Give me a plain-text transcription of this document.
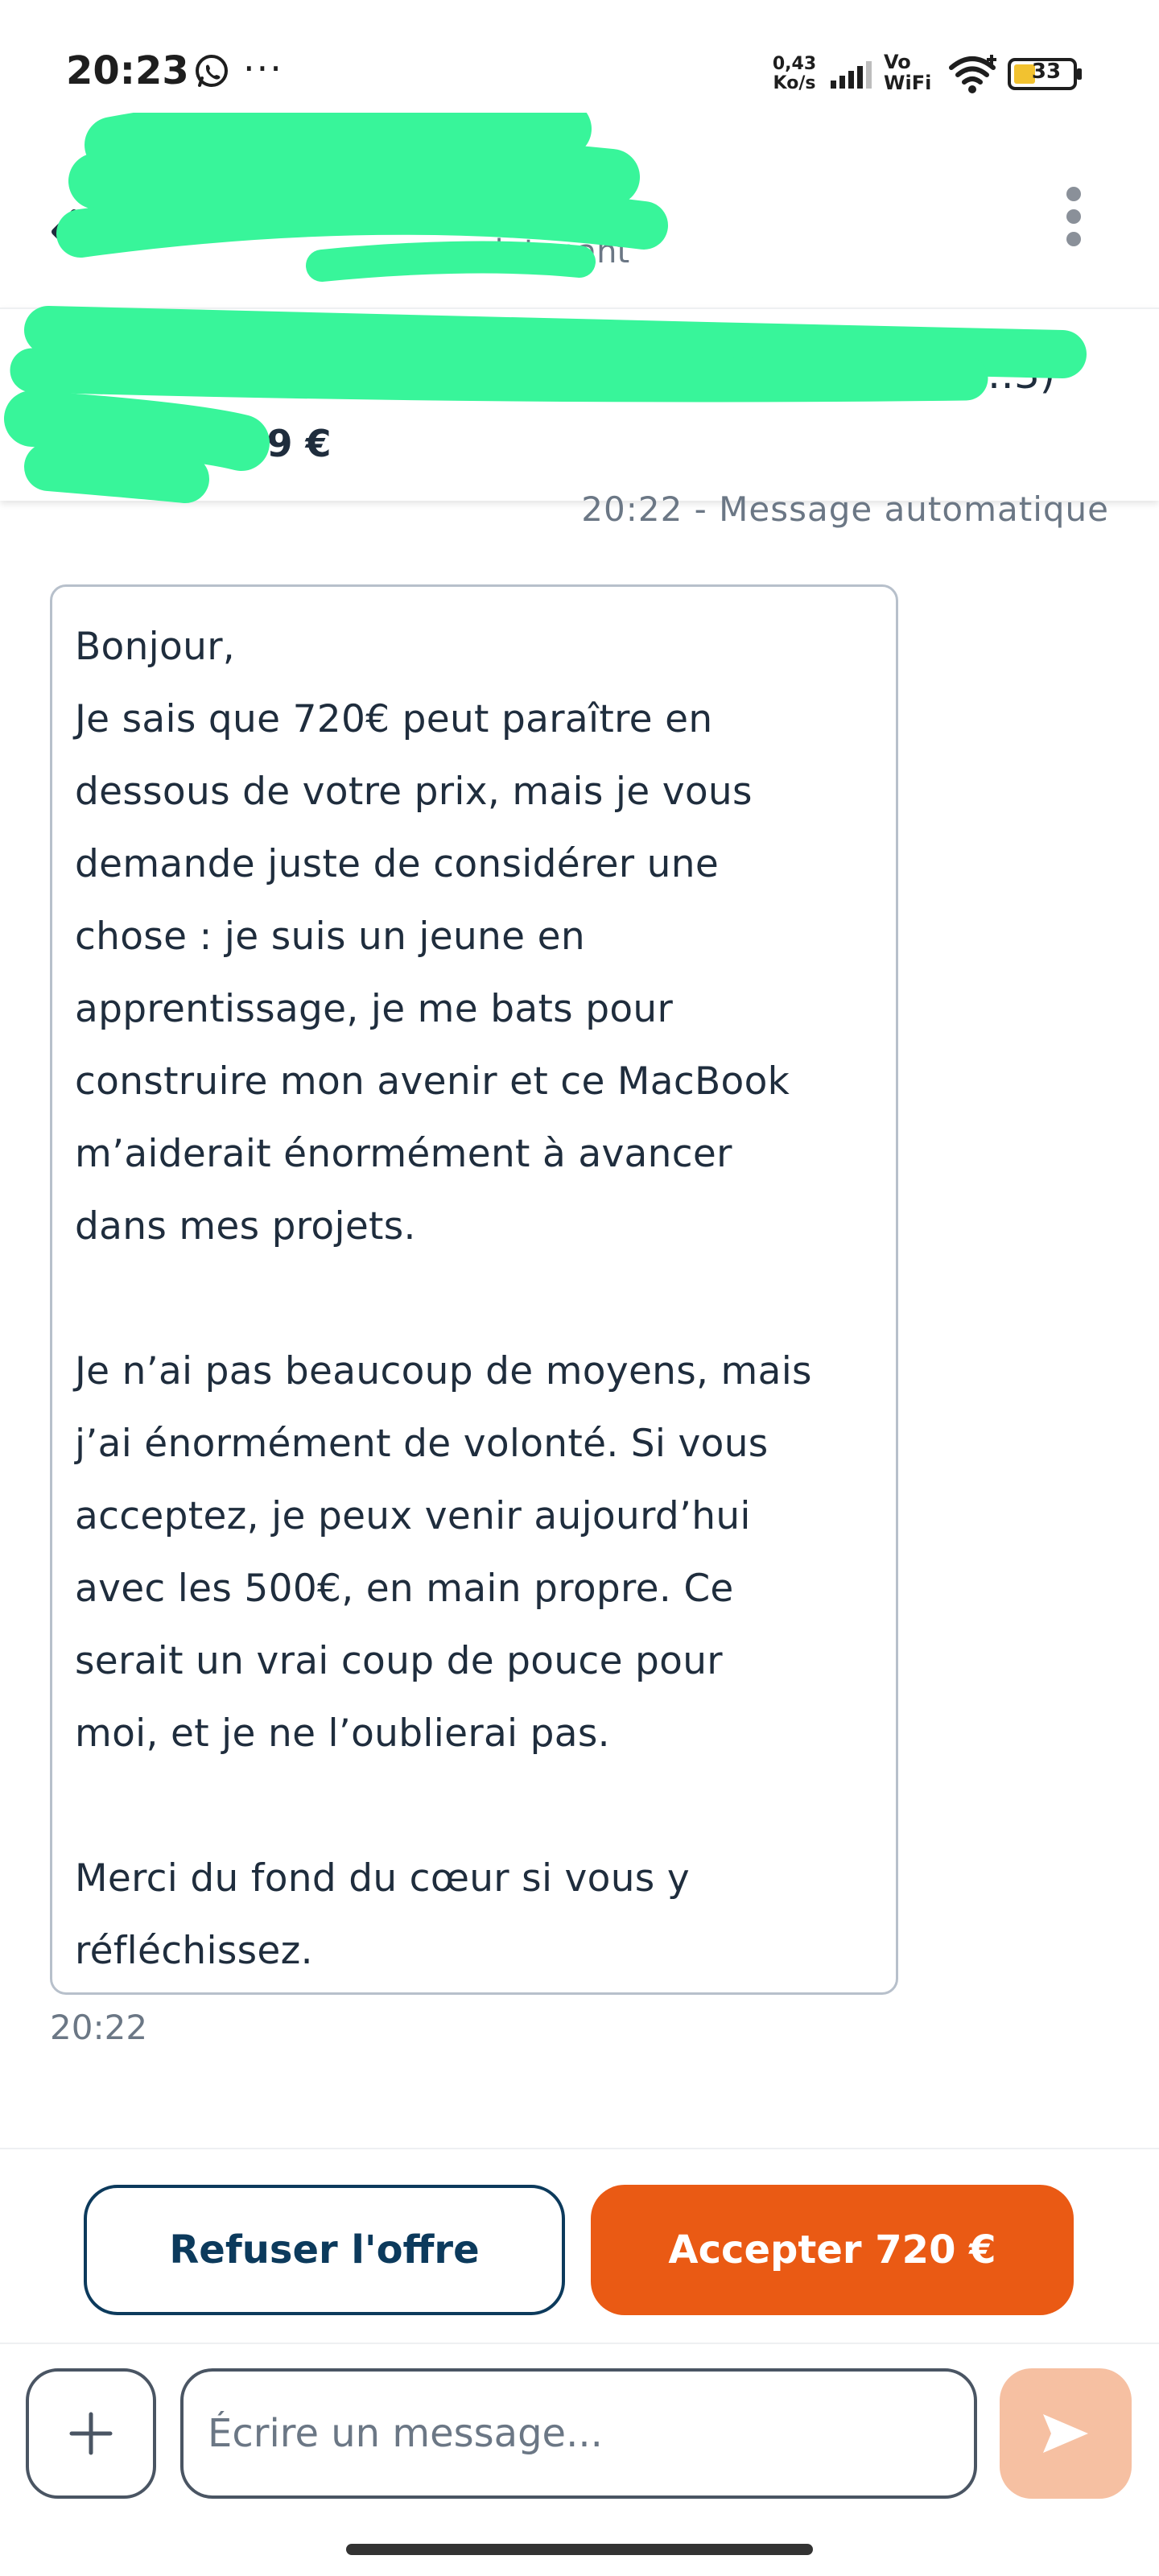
20:23 ···	0,43
Ko/s
Vo
WiFi	33
aintenant
…3)
·199 €
20:22 - Message automatique

Bonjour,
Je sais que 720€ peut paraître en
dessous de votre prix, mais je vous
demande juste de considérer une
chose : je suis un jeune en
apprentissage, je me bats pour
construire mon avenir et ce MacBook
m’aiderait énormément à avancer
dans mes projets.

Je n’ai pas beaucoup de moyens, mais
j’ai énormément de volonté. Si vous
acceptez, je peux venir aujourd’hui
avec les 500€, en main propre. Ce
serait un vrai coup de pouce pour
moi, et je ne l’oublierai pas.

Merci du fond du cœur si vous y
réfléchissez.

20:22
Refuser l'offre	Accepter 720 €
Écrire un message...
